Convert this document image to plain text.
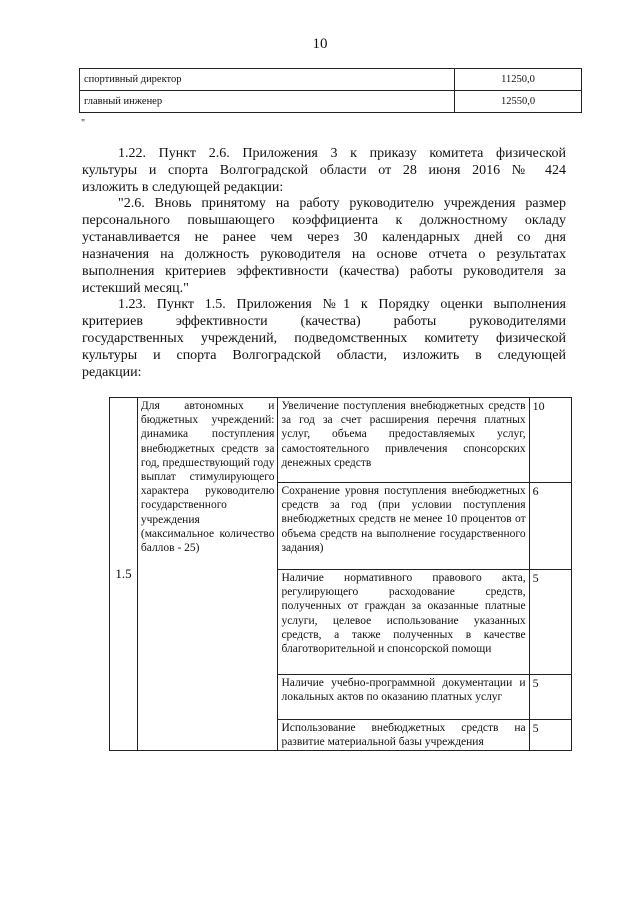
10
спортивный директор	11250,0
главный инженер	12550,0
"
1.22. Пункт 2.6. Приложения 3 к приказу комитета физической
культуры и спорта Волгоградской области от 28 июня 2016 № 424
изложить в следующей редакции:
"2.6. Вновь принятому на работу руководителю учреждения размер
персонального повышающего коэффициента к должностному окладу
устанавливается не ранее чем через 30 календарных дней со дня
назначения на должность руководителя на основе отчета о результатах
выполнения критериев эффективности (качества) работы руководителя за
истекший месяц."
1.23. Пункт 1.5. Приложения №1 к Порядку оценки выполнения
критериев эффективности (качества) работы руководителями
государственных учреждений, подведомственных комитету физической
культуры и спорта Волгоградской области, изложить в следующей
редакции:
1.5	Для автономных и бюджетных учреждений: динамика поступления внебюджетных средств за год, предшествующий году выплат стимулирующего характера руководителю государственного учреждения (максимальное количество баллов - 25)	Увеличение поступления внебюджетных средств за год за счет расширения перечня платных услуг, объема предоставляемых услуг, самостоятельного привлечения спонсорских денежных средств	10
		Сохранение уровня поступления внебюджетных средств за год (при условии поступления внебюджетных средств не менее 10 процентов от объема средств на выполнение государственного задания)	6
		Наличие нормативного правового акта, регулирующего расходование средств, полученных от граждан за оказанные платные услуги, целевое использование указанных средств, а также полученных в качестве благотворительной и спонсорской помощи	5
		Наличие учебно-программной документации и локальных актов по оказанию платных услуг	5
		Использование внебюджетных средств на развитие материальной базы учреждения	5
